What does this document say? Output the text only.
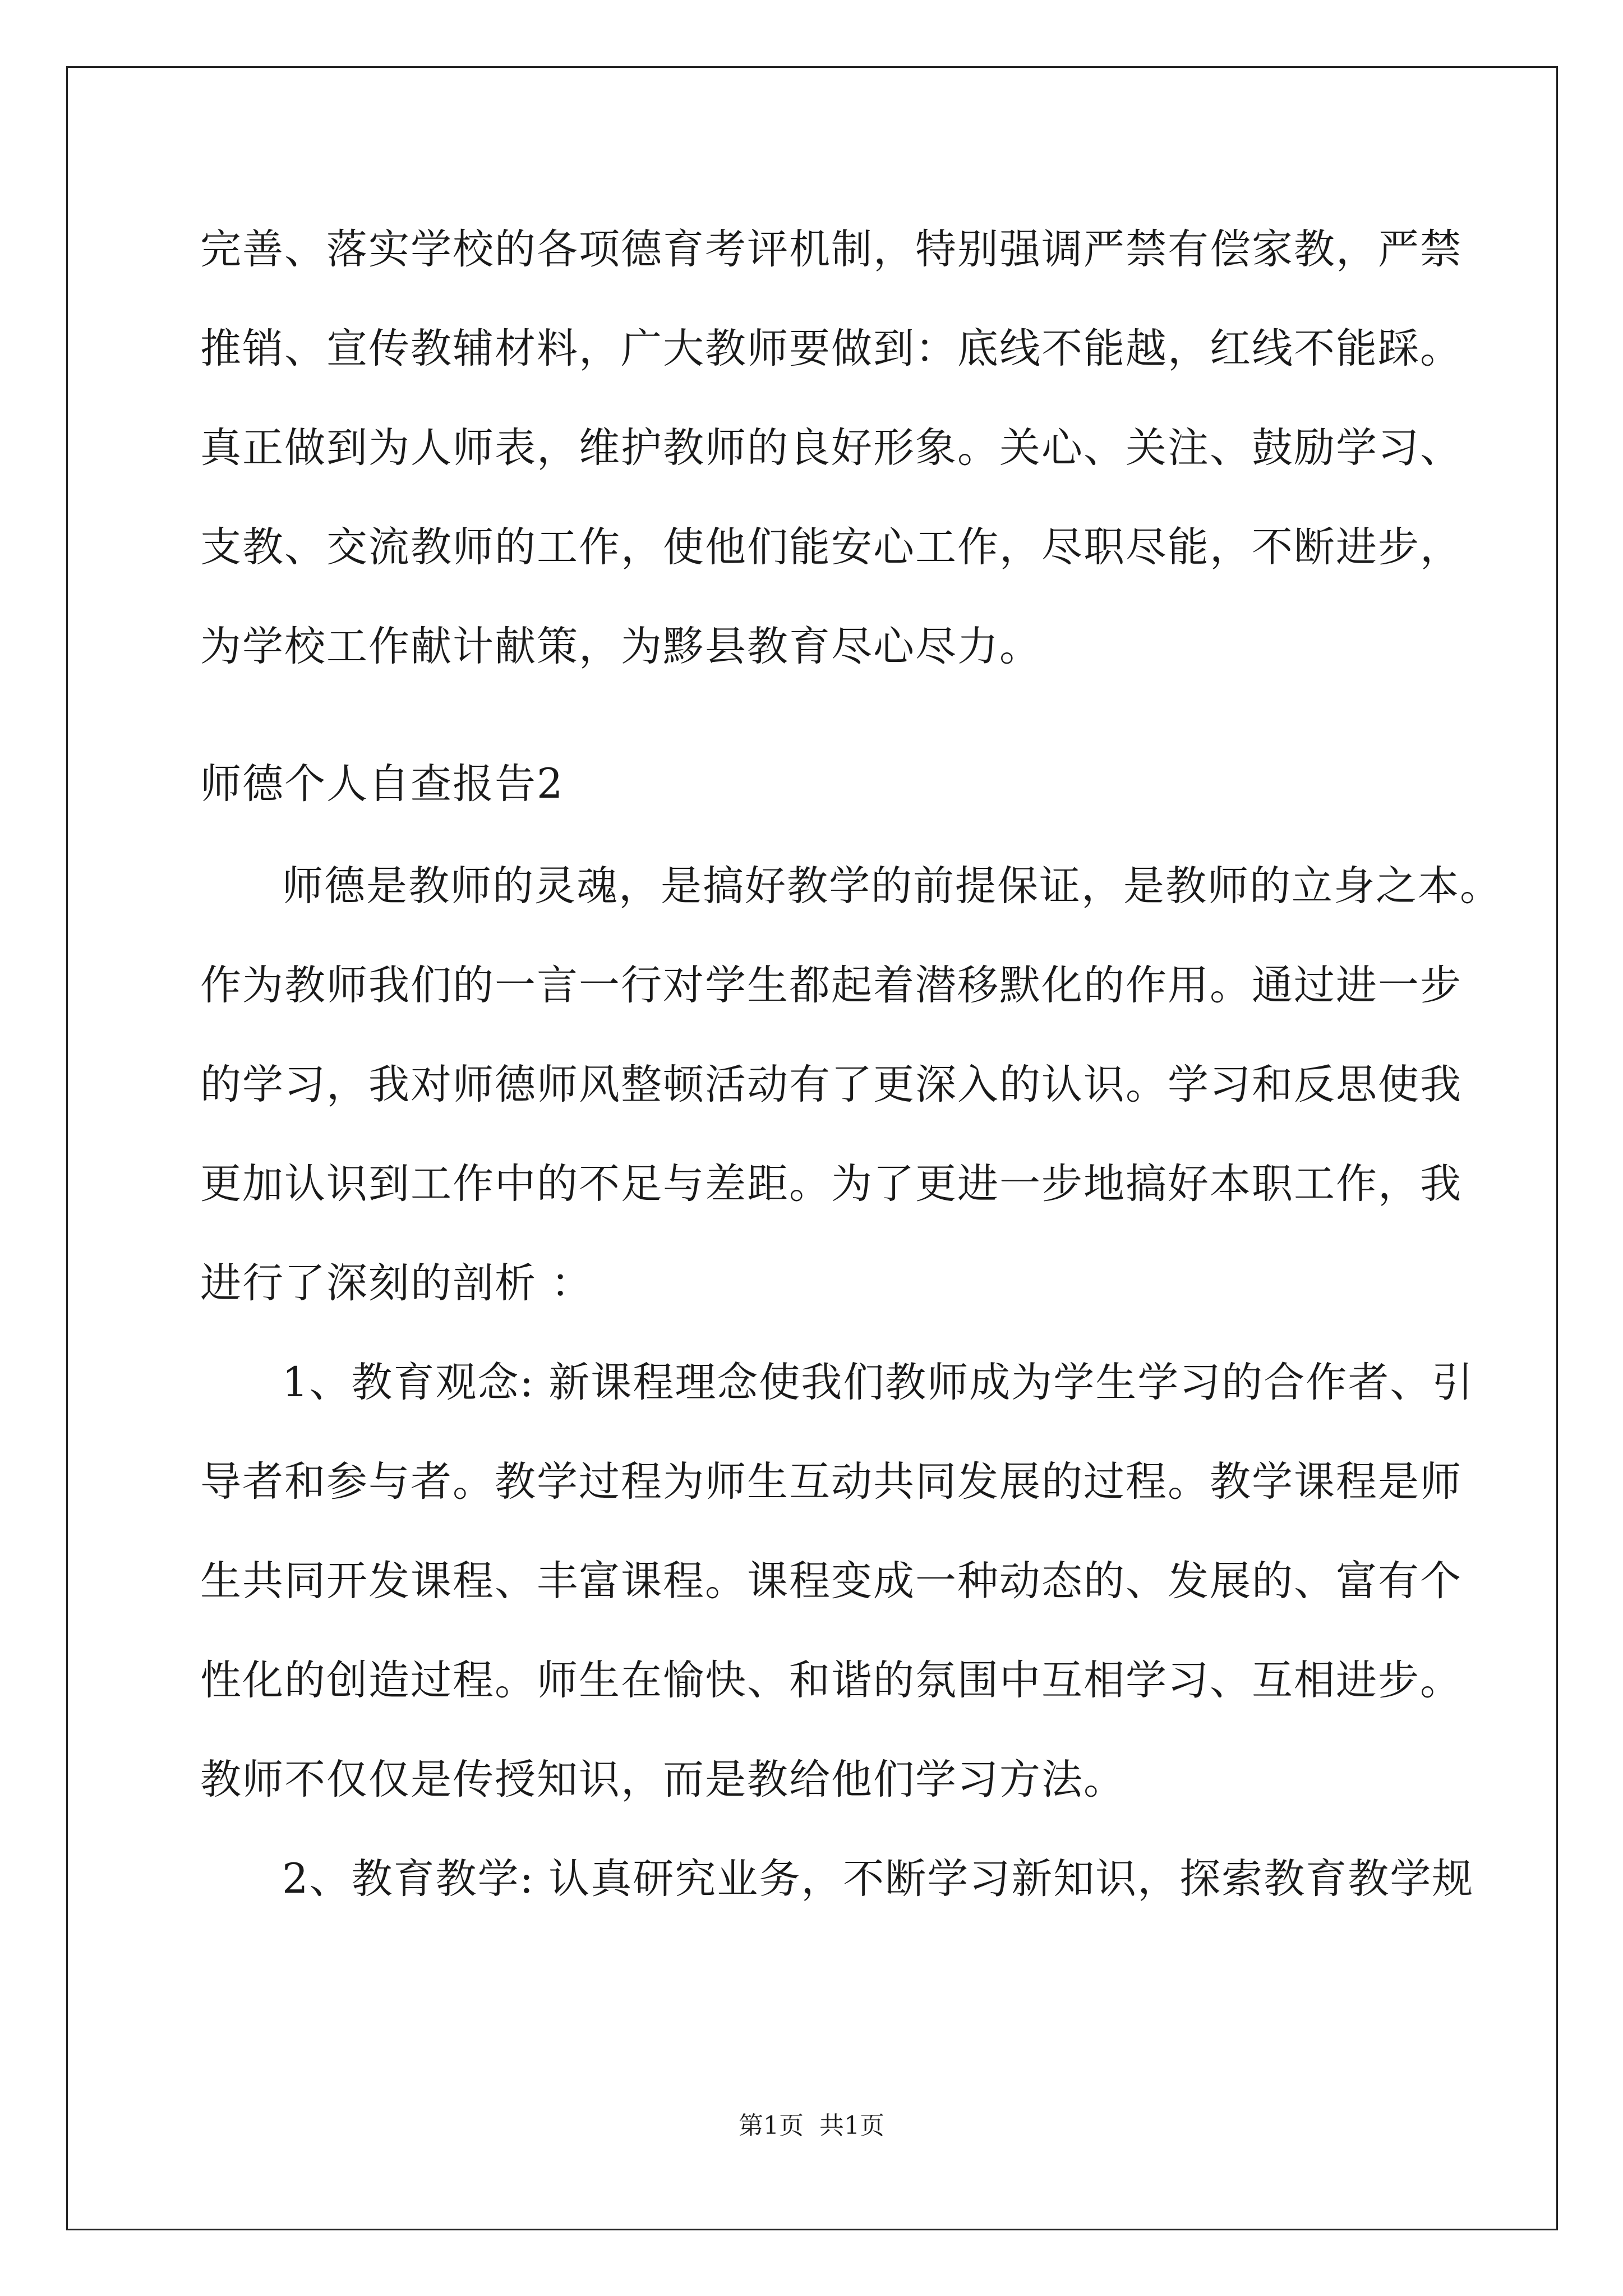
完善、落实学校的各项德育考评机制，特别强调严禁有偿家教，严禁
推销、宣传教辅材料，广大教师要做到：底线不能越，红线不能踩。
真正做到为人师表，维护教师的良好形象。关心、关注、鼓励学习、
支教、交流教师的工作，使他们能安心工作，尽职尽能，不断进步，
为学校工作献计献策，为黟县教育尽心尽力。
师德个人自查报告2
师德是教师的灵魂，是搞好教学的前提保证，是教师的立身之本。
作为教师我们的一言一行对学生都起着潜移默化的作用。通过进一步
的学习，我对师德师风整顿活动有了更深入的认识。学习和反思使我
更加认识到工作中的不足与差距。为了更进一步地搞好本职工作，我
进行了深刻的剖析 ：
1、教育观念: 新课程理念使我们教师成为学生学习的合作者、引
导者和参与者。教学过程为师生互动共同发展的过程。教学课程是师
生共同开发课程、丰富课程。课程变成一种动态的、发展的、富有个
性化的创造过程。师生在愉快、和谐的氛围中互相学习、互相进步。
教师不仅仅是传授知识，而是教给他们学习方法。
2、教育教学: 认真研究业务，不断学习新知识，探索教育教学规
第1页 共1页
